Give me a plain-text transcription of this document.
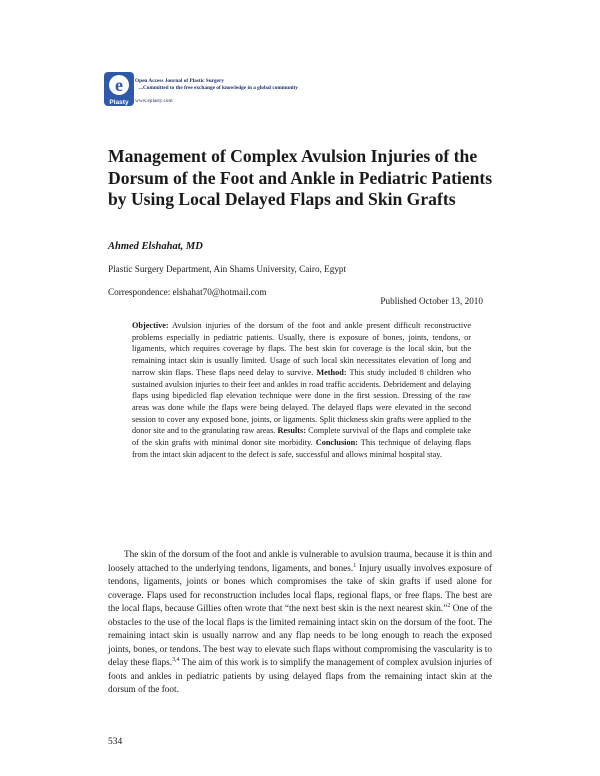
e
Plasty
Open Access Journal of Plastic Surgery
...Committed to the free exchange of knowledge in a global community
www.eplasty.com
Management of Complex Avulsion Injuries of the Dorsum of the Foot and Ankle in Pediatric Patients by Using Local Delayed Flaps and Skin Grafts
Ahmed Elshahat, MD
Plastic Surgery Department, Ain Shams University, Cairo, Egypt
Correspondence: elshahat70@hotmail.com
Published October 13, 2010

Objective: Avulsion injuries of the dorsum of the foot and ankle present difficult reconstructive problems especially in pediatric patients. Usually, there is exposure of bones, joints, tendons, or ligaments, which requires coverage by flaps. The best skin for coverage is the local skin, but the remaining intact skin is usually limited. Usage of such local skin necessitates elevation of long and narrow skin flaps. These flaps need delay to survive. Method: This study included 8 children who sustained avulsion injuries to their feet and ankles in road traffic accidents. Debridement and delaying flaps using bipedicled flap elevation technique were done in the first session. Dressing of the raw areas was done while the flaps were being delayed. The delayed flaps were elevated in the second session to cover any exposed bone, joints, or ligaments. Split thickness skin grafts were applied to the donor site and to the granulating raw areas. Results: Complete survival of the flaps and complete take of the skin grafts with minimal donor site morbidity. Conclusion: This technique of delaying flaps from the intact skin adjacent to the defect is safe, successful and allows minimal hospital stay.

The skin of the dorsum of the foot and ankle is vulnerable to avulsion trauma, because it is thin and loosely attached to the underlying tendons, ligaments, and bones.$^1$ Injury usually involves exposure of tendons, ligaments, joints or bones which compromises the take of skin grafts if used alone for coverage. Flaps used for reconstruction includes local flaps, regional flaps, or free flaps. The best are the local flaps, because Gillies often wrote that “the next best skin is the next nearest skin.”$^2$ One of the obstacles to the use of the local flaps is the limited remaining intact skin on the dorsum of the foot. The remaining intact skin is usually narrow and any flap needs to be long enough to reach the exposed joints, bones, or tendons. The best way to elevate such flaps without compromising the vascularity is to delay these flaps.$^{3,4}$ The aim of this work is to simplify the management of complex avulsion injuries of foots and ankles in pediatric patients by using delayed flaps from the remaining intact skin at the dorsum of the foot.

534
